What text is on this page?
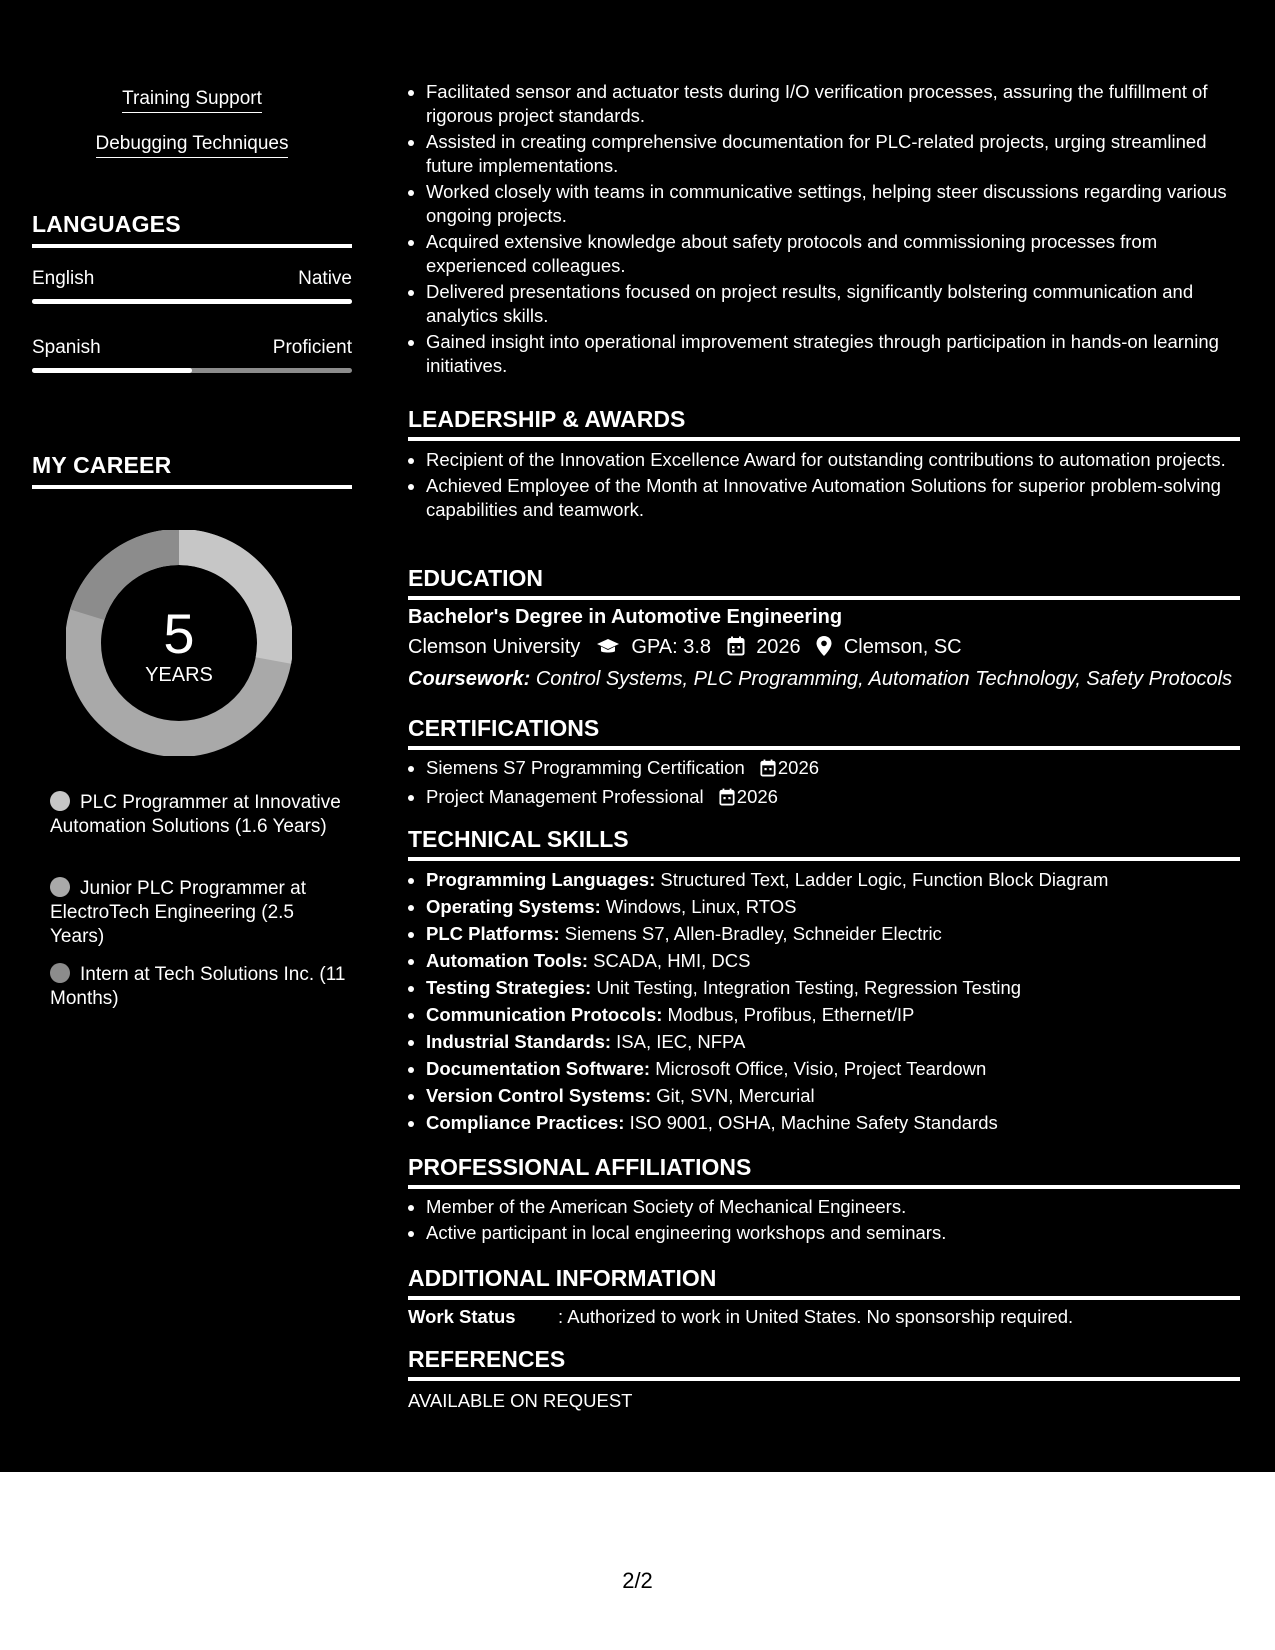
Training Support
Debugging Techniques
LANGUAGES
English	Native
Spanish	Proficient
MY CAREER
5
YEARS
PLC Programmer at Innovative Automation Solutions (1.6 Years)
Junior PLC Programmer at ElectroTech Engineering (2.5 Years)
Intern at Tech Solutions Inc. (11 Months)
• Facilitated sensor and actuator tests during I/O verification processes, assuring the fulfillment of rigorous project standards.
• Assisted in creating comprehensive documentation for PLC-related projects, urging streamlined future implementations.
• Worked closely with teams in communicative settings, helping steer discussions regarding various ongoing projects.
• Acquired extensive knowledge about safety protocols and commissioning processes from experienced colleagues.
• Delivered presentations focused on project results, significantly bolstering communication and analytics skills.
• Gained insight into operational improvement strategies through participation in hands-on learning initiatives.
LEADERSHIP & AWARDS
• Recipient of the Innovation Excellence Award for outstanding contributions to automation projects.
• Achieved Employee of the Month at Innovative Automation Solutions for superior problem-solving capabilities and teamwork.
EDUCATION
Bachelor's Degree in Automotive Engineering
Clemson University	GPA: 3.8 2026 Clemson, SC
Coursework: Control Systems, PLC Programming, Automation Technology, Safety Protocols
CERTIFICATIONS
• Siemens S7 Programming Certification 2026
• Project Management Professional 2026
TECHNICAL SKILLS
• Programming Languages: Structured Text, Ladder Logic, Function Block Diagram
• Operating Systems: Windows, Linux, RTOS
• PLC Platforms: Siemens S7, Allen-Bradley, Schneider Electric
• Automation Tools: SCADA, HMI, DCS
• Testing Strategies: Unit Testing, Integration Testing, Regression Testing
• Communication Protocols: Modbus, Profibus, Ethernet/IP
• Industrial Standards: ISA, IEC, NFPA
• Documentation Software: Microsoft Office, Visio, Project Teardown
• Version Control Systems: Git, SVN, Mercurial
• Compliance Practices: ISO 9001, OSHA, Machine Safety Standards
PROFESSIONAL AFFILIATIONS
• Member of the American Society of Mechanical Engineers.
• Active participant in local engineering workshops and seminars.
ADDITIONAL INFORMATION
Work Status : Authorized to work in United States. No sponsorship required.
REFERENCES
AVAILABLE ON REQUEST
2/2
